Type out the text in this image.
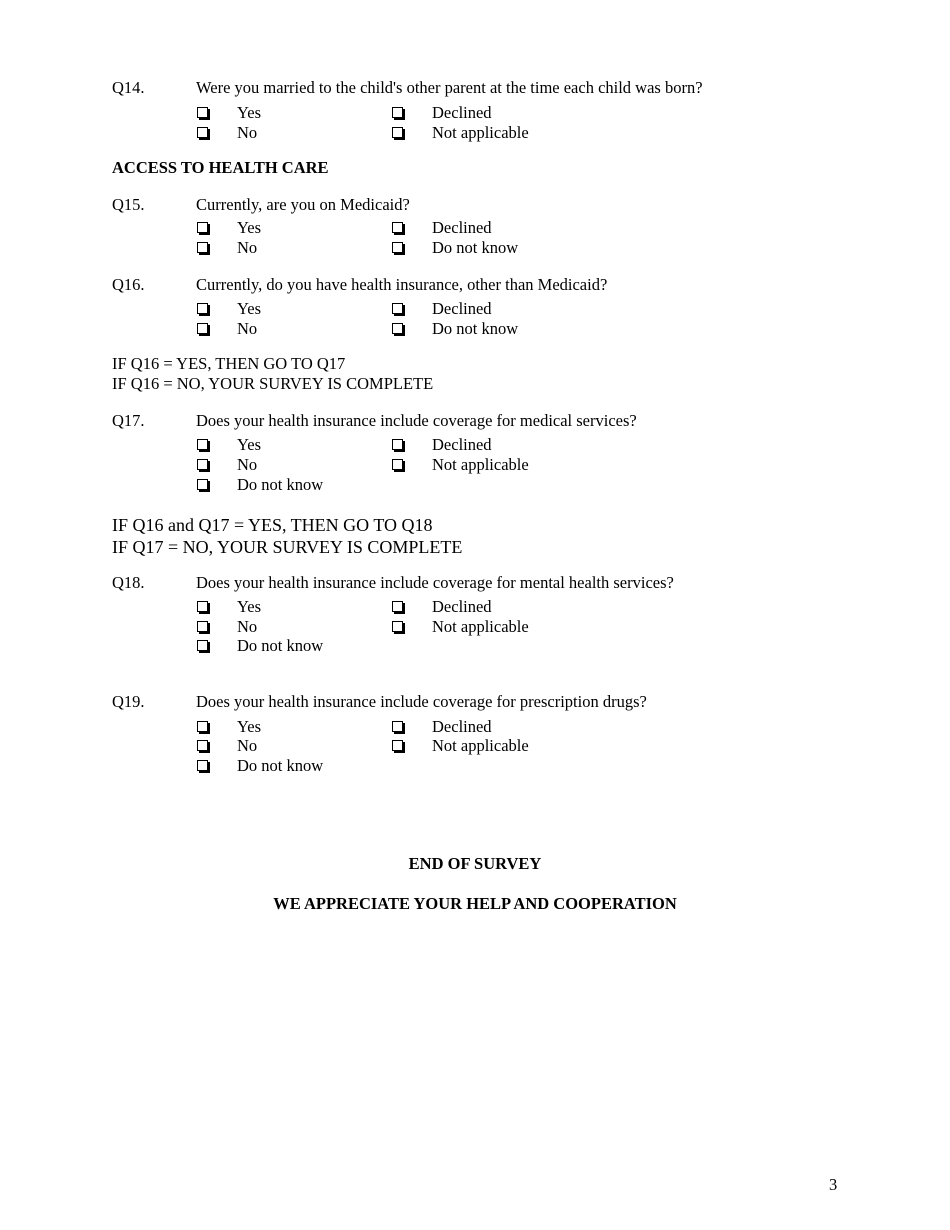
Q14.	Were you married to the child's other parent at the time each child was born?
Yes
No
Declined
Not applicable
ACCESS TO HEALTH CARE
Q15.	Currently, are you on Medicaid?
Yes
No
Declined
Do not know
Q16.	Currently, do you have health insurance, other than Medicaid?
Yes
No
Declined
Do not know
IF Q16 = YES, THEN GO TO Q17
IF Q16 = NO, YOUR SURVEY IS COMPLETE
Q17.	Does your health insurance include coverage for medical services?
Yes
No
Do not know
Declined
Not applicable
IF Q16 and Q17 = YES, THEN GO TO Q18
IF Q17 = NO, YOUR SURVEY IS COMPLETE
Q18.	Does your health insurance include coverage for mental health services?
Yes
No
Do not know
Declined
Not applicable
Q19.	Does your health insurance include coverage for prescription drugs?
Yes
No
Do not know
Declined
Not applicable
END OF SURVEY
WE APPRECIATE YOUR HELP AND COOPERATION
3
